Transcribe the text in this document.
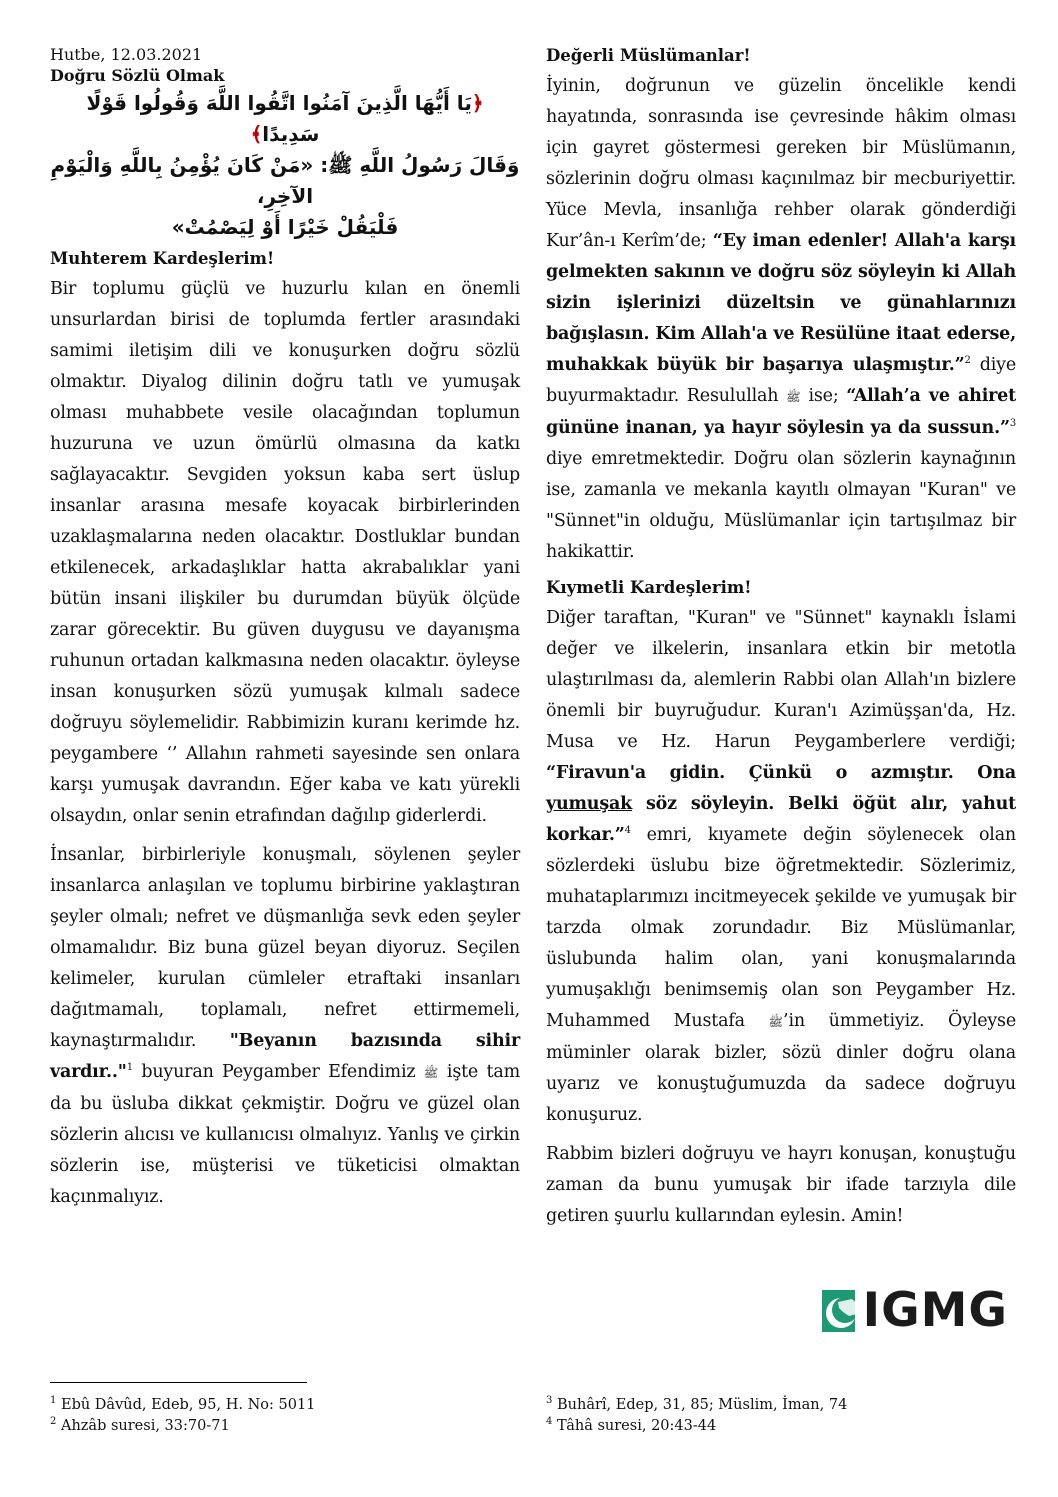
Hutbe, 12.03.2021

Doğru Sözlü Olmak

﴿يَا أَيُّهَا الَّذِينَ آمَنُوا اتَّقُوا اللَّهَ وَقُولُوا قَوْلًا سَدِيدًا﴾

وَقَالَ رَسُولُ اللَّهِ ﷺ: «مَنْ كَانَ يُؤْمِنُ بِاللَّهِ وَالْيَوْمِ الآخِرِ،

فَلْيَقُلْ خَيْرًا أَوْ لِيَصْمُتْ»

Muhterem Kardeşlerim!

Bir toplumu güçlü ve huzurlu kılan en önemli unsurlardan birisi de toplumda fertler arasındaki samimi iletişim dili ve konuşurken doğru sözlü olmaktır. Diyalog dilinin doğru tatlı ve yumuşak olması muhabbete vesile olacağından toplumun huzuruna ve uzun ömürlü olmasına da katkı sağlayacaktır. Sevgiden yoksun kaba sert üslup insanlar arasına mesafe koyacak birbirlerinden uzaklaşmalarına neden olacaktır. Dostluklar bundan etkilenecek, arkadaşlıklar hatta akrabalıklar yani bütün insani ilişkiler bu durumdan büyük ölçüde zarar görecektir. Bu güven duygusu ve dayanışma ruhunun ortadan kalkmasına neden olacaktır. öyleyse insan konuşurken sözü yumuşak kılmalı sadece doğruyu söylemelidir. Rabbimizin kuranı kerimde hz. peygambere ‘’ Allahın rahmeti sayesinde sen onlara karşı yumuşak davrandın. Eğer kaba ve katı yürekli olsaydın, onlar senin etrafından dağılıp giderlerdi.

İnsanlar, birbirleriyle konuşmalı, söylenen şeyler insanlarca anlaşılan ve toplumu birbirine yaklaştıran şeyler olmalı; nefret ve düşmanlığa sevk eden şeyler olmamalıdır. Biz buna güzel beyan diyoruz. Seçilen kelimeler, kurulan cümleler etraftaki insanları dağıtmamalı, toplamalı, nefret ettirmemeli, kaynaştırmalıdır. "Beyanın bazısında sihir vardır.."$^1$ buyuran Peygamber Efendimiz ﷺ işte tam da bu üsluba dikkat çekmiştir. Doğru ve güzel olan sözlerin alıcısı ve kullanıcısı olmalıyız. Yanlış ve çirkin sözlerin ise, müşterisi ve tüketicisi olmaktan kaçınmalıyız.

Değerli Müslümanlar!

İyinin, doğrunun ve güzelin öncelikle kendi hayatında, sonrasında ise çevresinde hâkim olması için gayret göstermesi gereken bir Müslümanın, sözlerinin doğru olması kaçınılmaz bir mecburiyettir. Yüce Mevla, insanlığa rehber olarak gönderdiği Kur’ân-ı Kerîm’de; “Ey iman edenler! Allah'a karşı gelmekten sakının ve doğru söz söyleyin ki Allah sizin işlerinizi düzeltsin ve günahlarınızı bağışlasın. Kim Allah'a ve Resülüne itaat ederse, muhakkak büyük bir başarıya ulaşmıştır.”$^2$ diye buyurmaktadır. Resulullah ﷺ ise; “Allah’a ve ahiret gününe inanan, ya hayır söylesin ya da sussun.”$^3$ diye emretmektedir. Doğru olan sözlerin kaynağının ise, zamanla ve mekanla kayıtlı olmayan "Kuran" ve "Sünnet"in olduğu, Müslümanlar için tartışılmaz bir hakikattir.

Kıymetli Kardeşlerim!

Diğer taraftan, "Kuran" ve "Sünnet" kaynaklı İslami değer ve ilkelerin, insanlara etkin bir metotla ulaştırılması da, alemlerin Rabbi olan Allah'ın bizlere önemli bir buyruğudur. Kuran'ı Azimüşşan'da, Hz. Musa ve Hz. Harun Peygamberlere verdiği; “Firavun'a gidin. Çünkü o azmıştır. Ona yumuşak söz söyleyin. Belki öğüt alır, yahut korkar.”$^4$ emri, kıyamete değin söylenecek olan sözlerdeki üslubu bize öğretmektedir. Sözlerimiz, muhataplarımızı incitmeyecek şekilde ve yumuşak bir tarzda olmak zorundadır. Biz Müslümanlar, üslubunda halim olan, yani konuşmalarında yumuşaklığı benimsemiş olan son Peygamber Hz. Muhammed Mustafa ﷺ’in ümmetiyiz. Öyleyse müminler olarak bizler, sözü dinler doğru olana uyarız ve konuştuğumuzda da sadece doğruyu konuşuruz.

Rabbim bizleri doğruyu ve hayrı konuşan, konuştuğu zaman da bunu yumuşak bir ifade tarzıyla dile getiren şuurlu kullarından eylesin. Amin!

IGMG
$^1$ Ebû Dâvûd, Edeb, 95, H. No: 5011
$^2$ Ahzâb suresi, 33:70-71
$^3$ Buhârî, Edep, 31, 85; Müslim, İman, 74
$^4$ Tâhâ suresi, 20:43-44
